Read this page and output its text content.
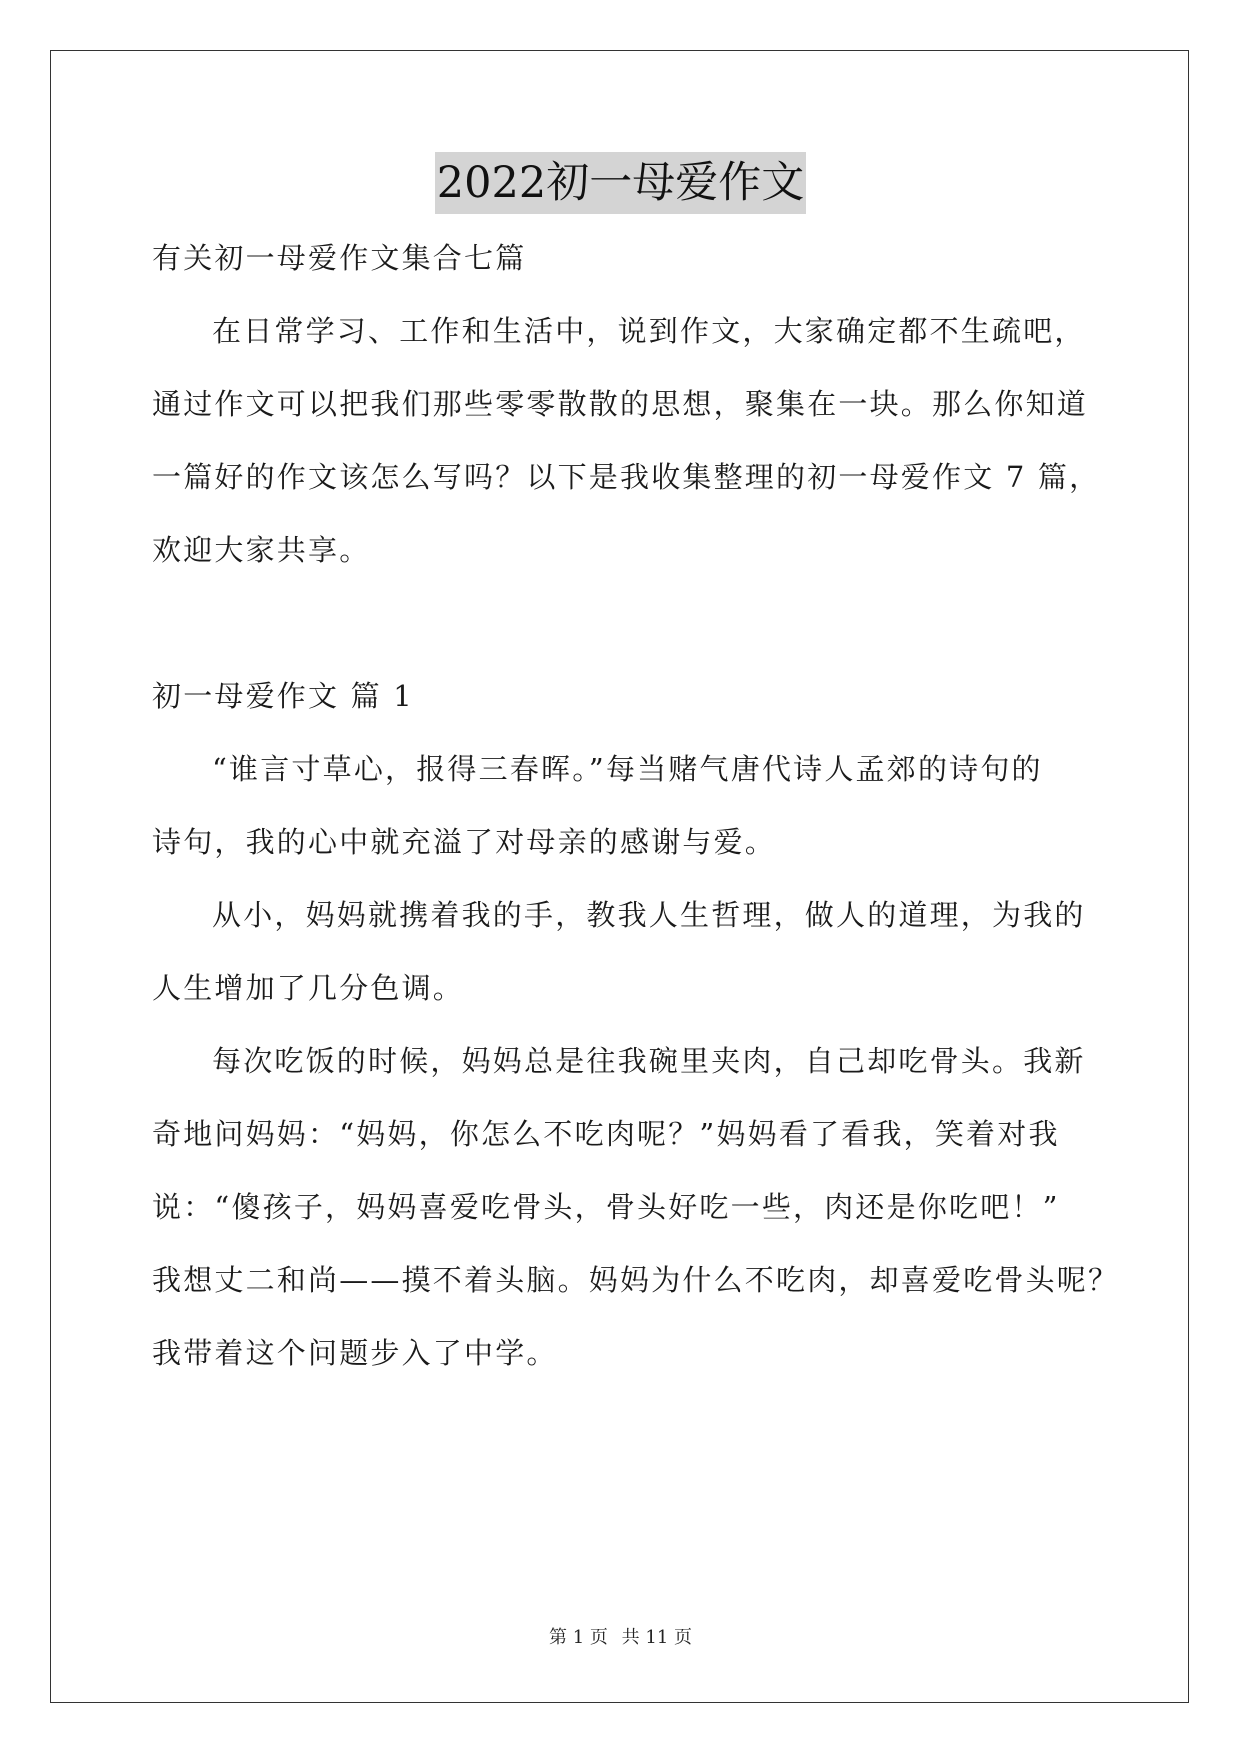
2022初一母爱作文
有关初一母爱作文集合七篇
在日常学习、工作和生活中，说到作文，大家确定都不生疏吧，
通过作文可以把我们那些零零散散的思想，聚集在一块。那么你知道
一篇好的作文该怎么写吗？以下是我收集整理的初一母爱作文 7 篇，
欢迎大家共享。
初一母爱作文 篇 1
“谁言寸草心，报得三春晖。”每当赌气唐代诗人孟郊的诗句的
诗句，我的心中就充溢了对母亲的感谢与爱。
从小，妈妈就携着我的手，教我人生哲理，做人的道理，为我的
人生增加了几分色调。
每次吃饭的时候，妈妈总是往我碗里夹肉，自己却吃骨头。我新
奇地问妈妈：“妈妈，你怎么不吃肉呢？”妈妈看了看我，笑着对我
说：“傻孩子，妈妈喜爱吃骨头，骨头好吃一些，肉还是你吃吧！”
我想丈二和尚——摸不着头脑。妈妈为什么不吃肉，却喜爱吃骨头呢？
我带着这个问题步入了中学。
第 1 页 共 11 页
